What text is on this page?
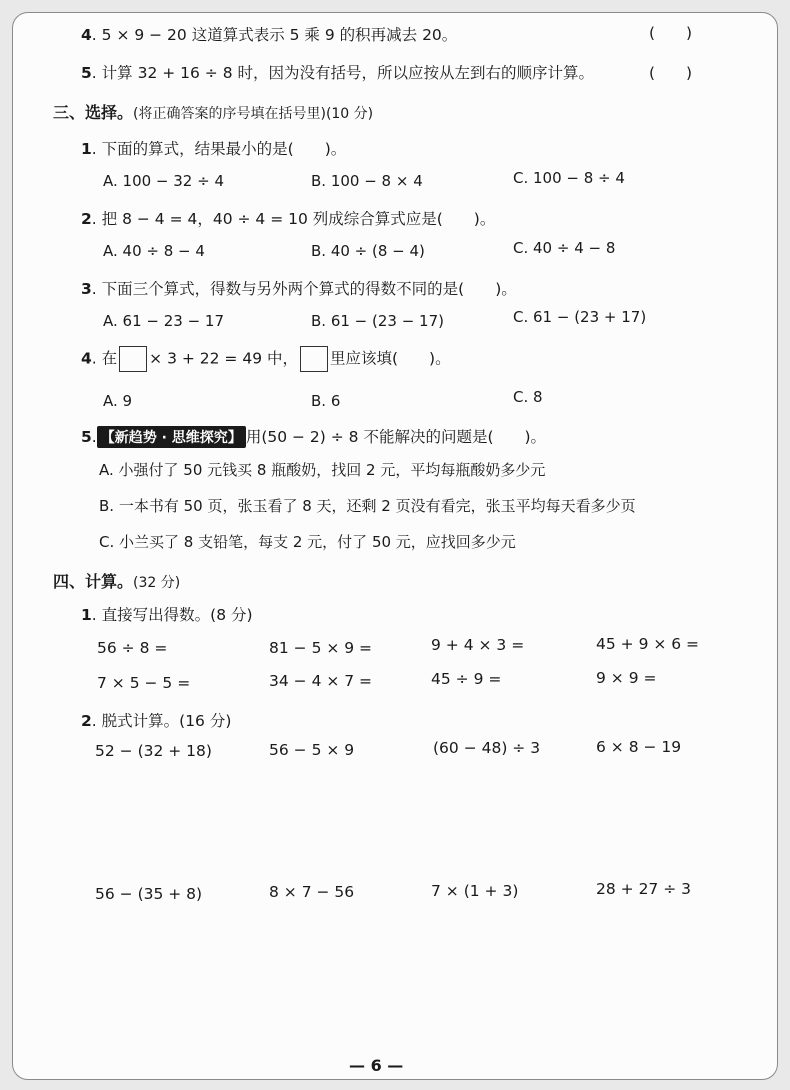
4. 5 × 9 − 20 这道算式表示 5 乘 9 的积再减去 20。	(　　)
5. 计算 32 + 16 ÷ 8 时，因为没有括号，所以应按从左到右的顺序计算。	(　　)
三、选择。(将正确答案的序号填在括号里)(10 分)
1. 下面的算式，结果最小的是(　　)。
A. 100 − 32 ÷ 4	B. 100 − 8 × 4	C. 100 − 8 ÷ 4
2. 把 8 − 4 = 4，40 ÷ 4 = 10 列成综合算式应是(　　)。
A. 40 ÷ 8 − 4	B. 40 ÷ (8 − 4)	C. 40 ÷ 4 − 8
3. 下面三个算式，得数与另外两个算式的得数不同的是(　　)。
A. 61 − 23 − 17	B. 61 − (23 − 17)	C. 61 − (23 + 17)
4. 在 × 3 + 22 = 49 中， 里应该填(　　)。
A. 9	B. 6	C. 8
5. 【新趋势 · 思维探究】 用(50 − 2) ÷ 8 不能解决的问题是(　　)。
A. 小强付了 50 元钱买 8 瓶酸奶，找回 2 元，平均每瓶酸奶多少元
B. 一本书有 50 页，张玉看了 8 天，还剩 2 页没有看完，张玉平均每天看多少页
C. 小兰买了 8 支铅笔，每支 2 元，付了 50 元，应找回多少元
四、计算。(32 分)
1. 直接写出得数。(8 分)
56 ÷ 8 =	81 − 5 × 9 =	9 + 4 × 3 =	45 + 9 × 6 =
7 × 5 − 5 =	34 − 4 × 7 =	45 ÷ 9 =	9 × 9 =
2. 脱式计算。(16 分)
52 − (32 + 18)	56 − 5 × 9	(60 − 48) ÷ 3	6 × 8 − 19
56 − (35 + 8)	8 × 7 − 56	7 × (1 + 3)	28 + 27 ÷ 3
— 6 —
